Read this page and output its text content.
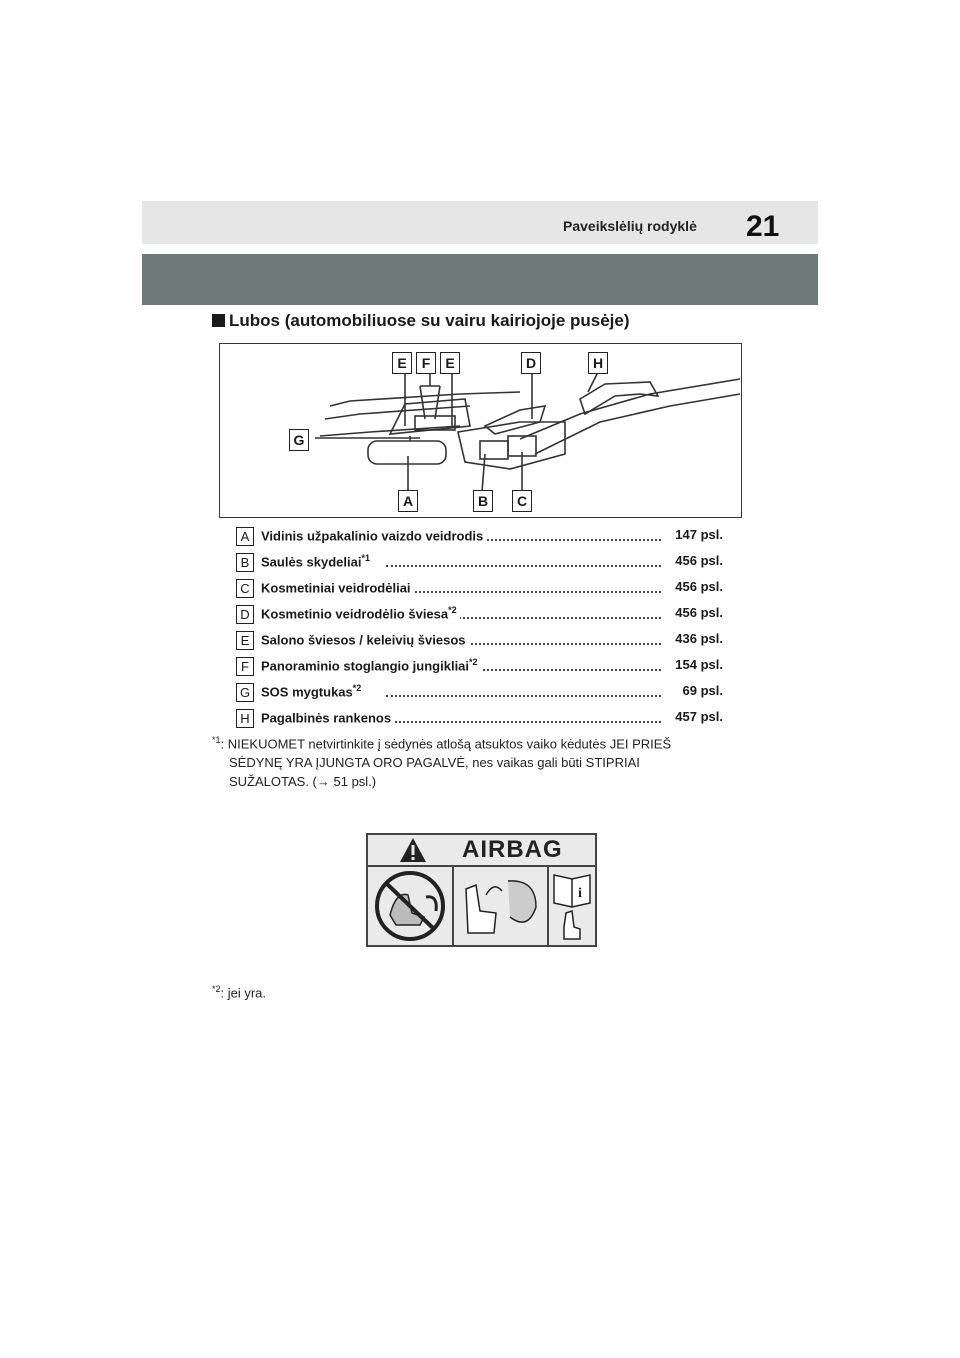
Paveikslėlių rodyklė 21
Lubos (automobiliuose su vairu kairiojoje pusėje)
E	F	E	D	H
G
A	B	C
A Vidinis užpakalinio vaizdo veidrodis	147 psl.
B Saulės skydeliai$^{*1}$	456 psl.
C Kosmetiniai veidrodėliai	456 psl.
D Kosmetinio veidrodėlio šviesa$^{*2}$	456 psl.
E Salono šviesos / keleivių šviesos	436 psl.
F Panoraminio stoglangio jungikliai$^{*2}$	154 psl.
G SOS mygtukas$^{*2}$	69 psl.
H Pagalbinės rankenos	457 psl.
$^{*1}$: NIEKUOMET netvirtinkite į sėdynės atlošą atsuktos vaiko kėdutės JEI PRIEŠ
SĖDYNĘ YRA ĮJUNGTA ORO PAGALVĖ, nes vaikas gali būti STIPRIAI
SUŽALOTAS. (→ 51 psl.)
AIRBAG
i
$^{*2}$: jei yra.
